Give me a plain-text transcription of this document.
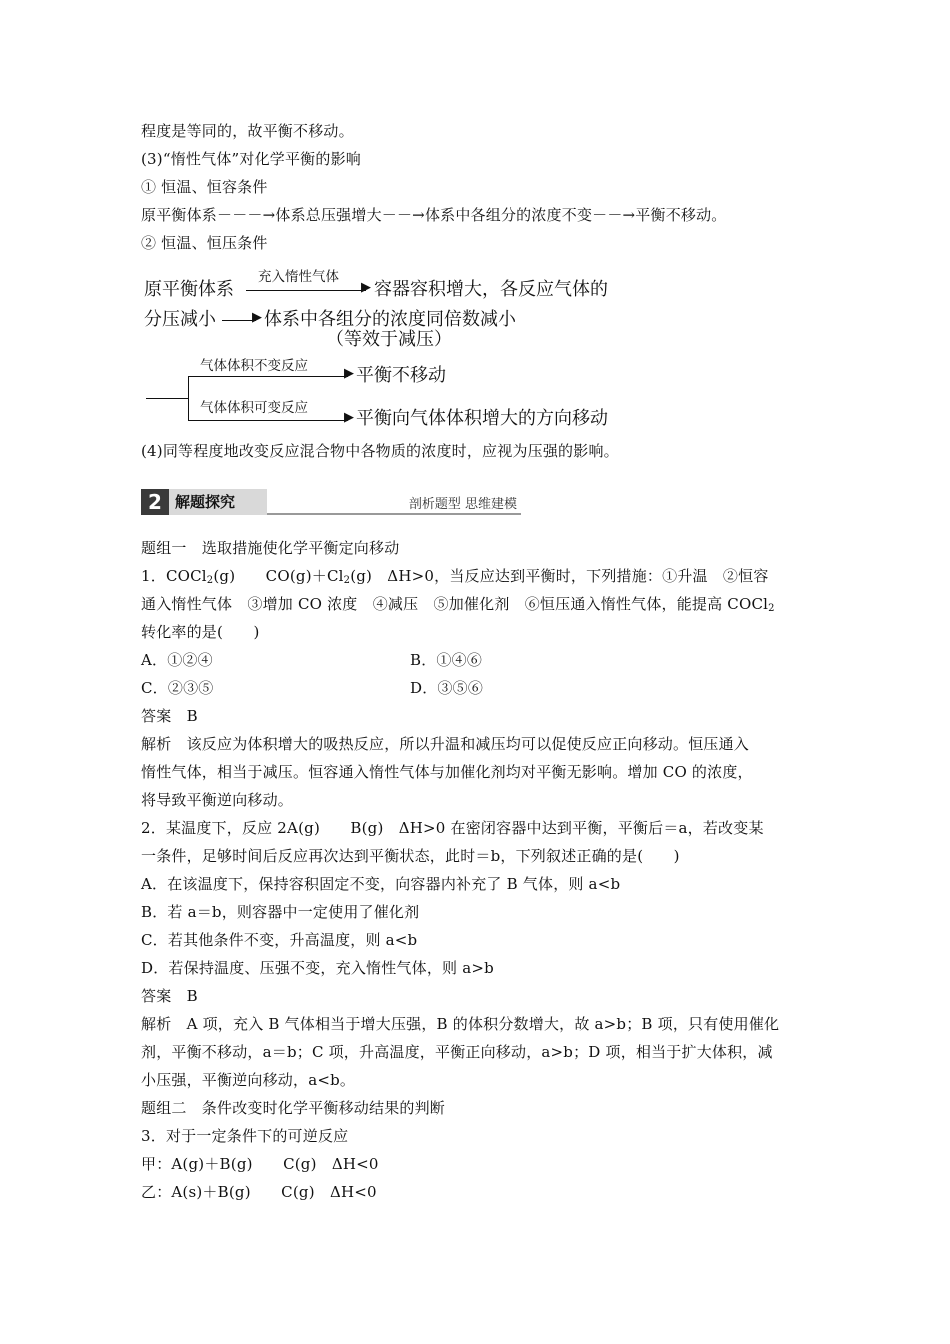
程度是等同的，故平衡不移动。
(3)“惰性气体”对化学平衡的影响
① 恒温、恒容条件
原平衡体系－－－→体系总压强增大－－→体系中各组分的浓度不变－－→平衡不移动。
② 恒温、恒压条件
原平衡体系
充入惰性气体
▶ 容器容积增大，各反应气体的
分压减小	▶ 体系中各组分的浓度同倍数减小
（等效于减压）
▶
气体体积不变反应	平衡不移动
▶
气体体积可变反应	平衡向气体体积增大的方向移动
(4)同等程度地改变反应混合物中各物质的浓度时，应视为压强的影响。
2 解题探究	剖析题型 思维建模
题组一　选取措施使化学平衡定向移动
1．COCl$_2$(g)　　$CO(g)+Cl_2(g)$　ΔH>0，当反应达到平衡时，下列措施：①升温　②恒容
通入惰性气体　③增加 CO 浓度　④减压　⑤加催化剂　⑥恒压通入惰性气体，能提高 COCl$_2$
转化率的是(　　)
A．①②④	B．①④⑥
C．②③⑤	D．③⑤⑥
答案　B
解析　该反应为体积增大的吸热反应，所以升温和减压均可以促使反应正向移动。恒压通入
惰性气体，相当于减压。恒容通入惰性气体与加催化剂均对平衡无影响。增加 CO 的浓度，
将导致平衡逆向移动。
2．某温度下，反应 2A(g)　　B(g)　ΔH>0 在密闭容器中达到平衡，平衡后＝a，若改变某
一条件，足够时间后反应再次达到平衡状态，此时＝b，下列叙述正确的是(　　)
A．在该温度下，保持容积固定不变，向容器内补充了 B 气体，则 a<b
B．若 a＝b，则容器中一定使用了催化剂
C．若其他条件不变，升高温度，则 a<b
D．若保持温度、压强不变，充入惰性气体，则 a>b
答案　B
解析　A 项，充入 B 气体相当于增大压强，B 的体积分数增大，故 a>b；B 项，只有使用催化
剂，平衡不移动，a＝b；C 项，升高温度，平衡正向移动，a>b；D 项，相当于扩大体积，减
小压强，平衡逆向移动，a<b。
题组二　条件改变时化学平衡移动结果的判断
3．对于一定条件下的可逆反应
甲：A(g)＋B(g)　　C(g)　ΔH<0
乙：A(s)＋B(g)　　C(g)　ΔH<0
